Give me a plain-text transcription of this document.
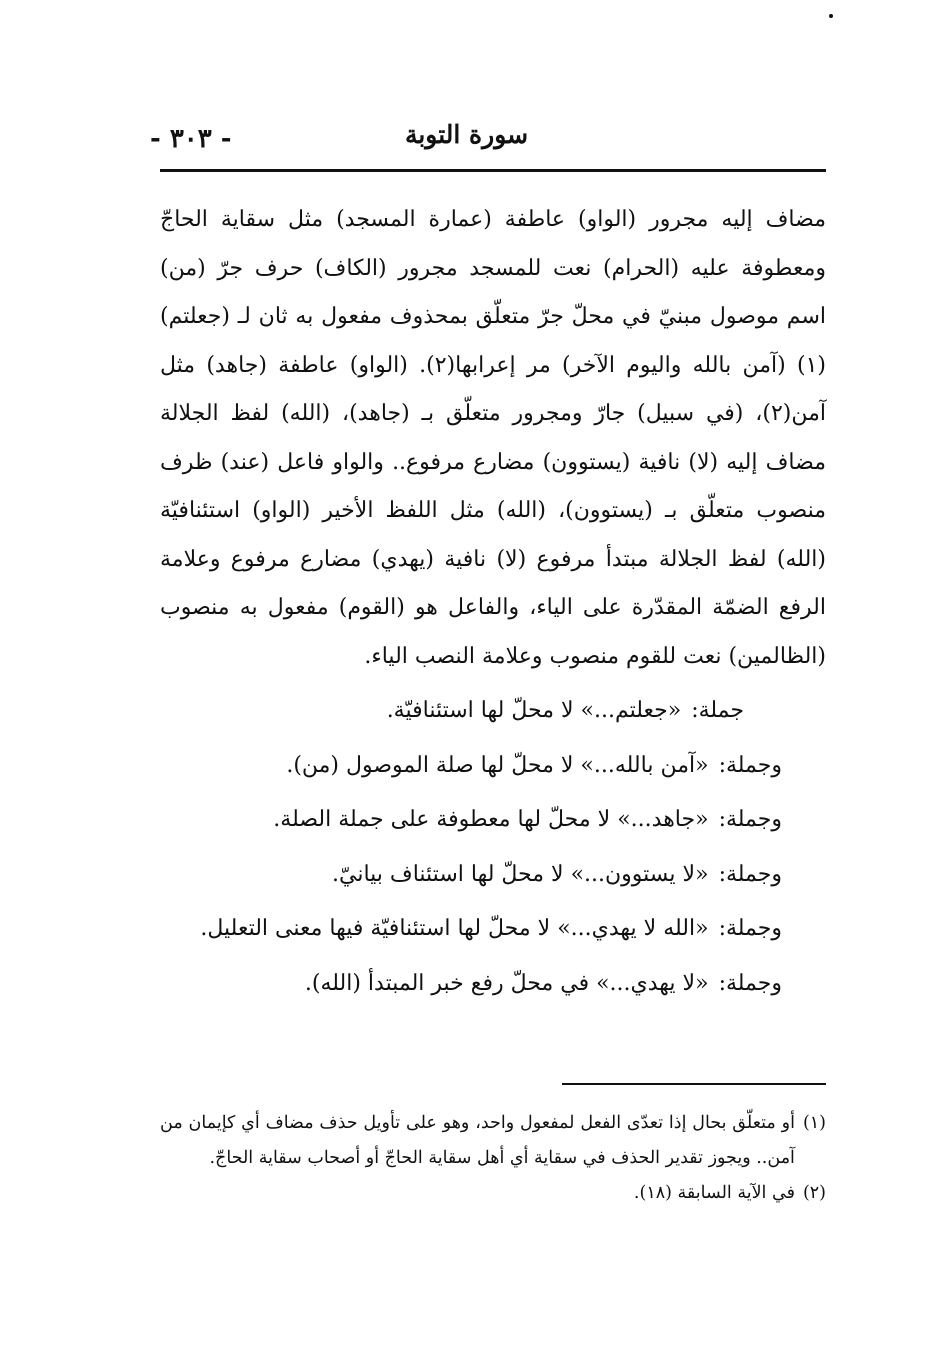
سورة التوبة
- ٣٠٣ -

مضاف إليه مجرور (الواو) عاطفة (عمارة المسجد) مثل سقاية الحاجّ ومعطوفة عليه (الحرام) نعت للمسجد مجرور (الكاف) حرف جرّ (من) اسم موصول مبنيّ في محلّ جرّ متعلّق بمحذوف مفعول به ثان لـ (جعلتم)(١) (آمن بالله واليوم الآخر) مر إعرابها(٢). (الواو) عاطفة (جاهد) مثل آمن(٢)، (في سبيل) جارّ ومجرور متعلّق بـ (جاهد)، (الله) لفظ الجلالة مضاف إليه (لا) نافية (يستوون) مضارع مرفوع.. والواو فاعل (عند) ظرف منصوب متعلّق بـ (يستوون)، (الله) مثل اللفظ الأخير (الواو) استئنافيّة (الله) لفظ الجلالة مبتدأ مرفوع (لا) نافية (يهدي) مضارع مرفوع وعلامة الرفع الضمّة المقدّرة على الياء، والفاعل هو (القوم) مفعول به منصوب (الظالمين) نعت للقوم منصوب وعلامة النصب الياء.

جملة:
«جعلتم...» لا محلّ لها استئنافيّة.
وجملة:
«آمن بالله...» لا محلّ لها صلة الموصول (من).
وجملة:
«جاهد...» لا محلّ لها معطوفة على جملة الصلة.
وجملة:
«لا يستوون...» لا محلّ لها استئناف بيانيّ.
وجملة:
«الله لا يهدي...» لا محلّ لها استئنافيّة فيها معنى التعليل.
وجملة:
«لا يهدي...» في محلّ رفع خبر المبتدأ (الله).

(١)
أو متعلّق بحال إذا تعدّى الفعل لمفعول واحد، وهو على تأويل حذف مضاف أي كإيمان من آمن.. ويجوز تقدير الحذف في سقاية أي أهل سقاية الحاجّ أو أصحاب سقاية الحاجّ.

(٢)
في الآية السابقة (١٨).
